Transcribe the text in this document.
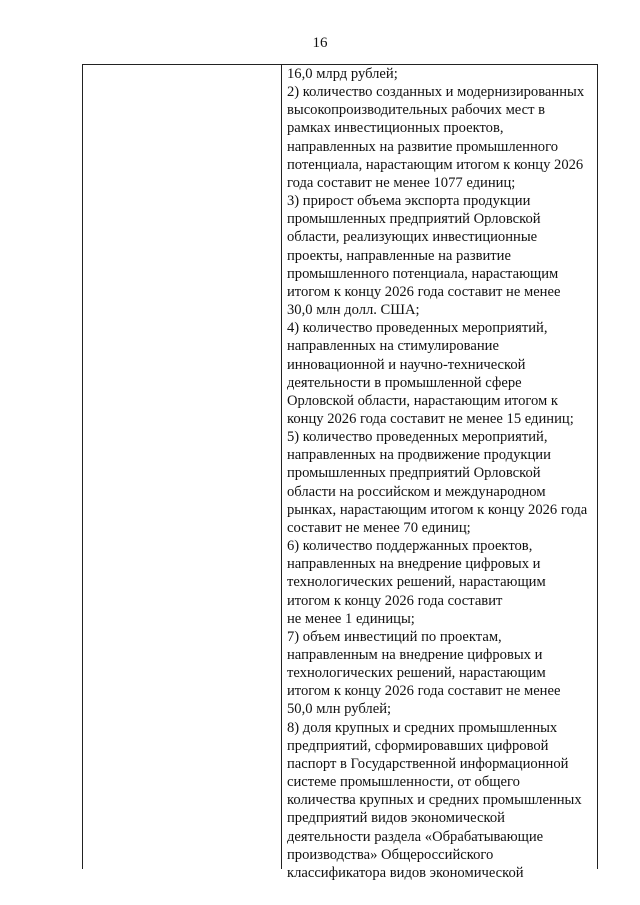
16
16,0 млрд рублей;
2) количество созданных и модернизированных
высокопроизводительных рабочих мест в
рамках инвестиционных проектов,
направленных на развитие промышленного
потенциала, нарастающим итогом к концу 2026
года составит не менее 1077 единиц;
3) прирост объема экспорта продукции
промышленных предприятий Орловской
области, реализующих инвестиционные
проекты, направленные на развитие
промышленного потенциала, нарастающим
итогом к концу 2026 года составит не менее
30,0 млн долл. США;
4) количество проведенных мероприятий,
направленных на стимулирование
инновационной и научно-технической
деятельности в промышленной сфере
Орловской области, нарастающим итогом к
концу 2026 года составит не менее 15 единиц;
5) количество проведенных мероприятий,
направленных на продвижение продукции
промышленных предприятий Орловской
области на российском и международном
рынках, нарастающим итогом к концу 2026 года
составит не менее 70 единиц;
6) количество поддержанных проектов,
направленных на внедрение цифровых и
технологических решений, нарастающим
итогом к концу 2026 года составит
не менее 1 единицы;
7) объем инвестиций по проектам,
направленным на внедрение цифровых и
технологических решений, нарастающим
итогом к концу 2026 года составит не менее
50,0 млн рублей;
8) доля крупных и средних промышленных
предприятий, сформировавших цифровой
паспорт в Государственной информационной
системе промышленности, от общего
количества крупных и средних промышленных
предприятий видов экономической
деятельности раздела «Обрабатывающие
производства» Общероссийского
классификатора видов экономической
